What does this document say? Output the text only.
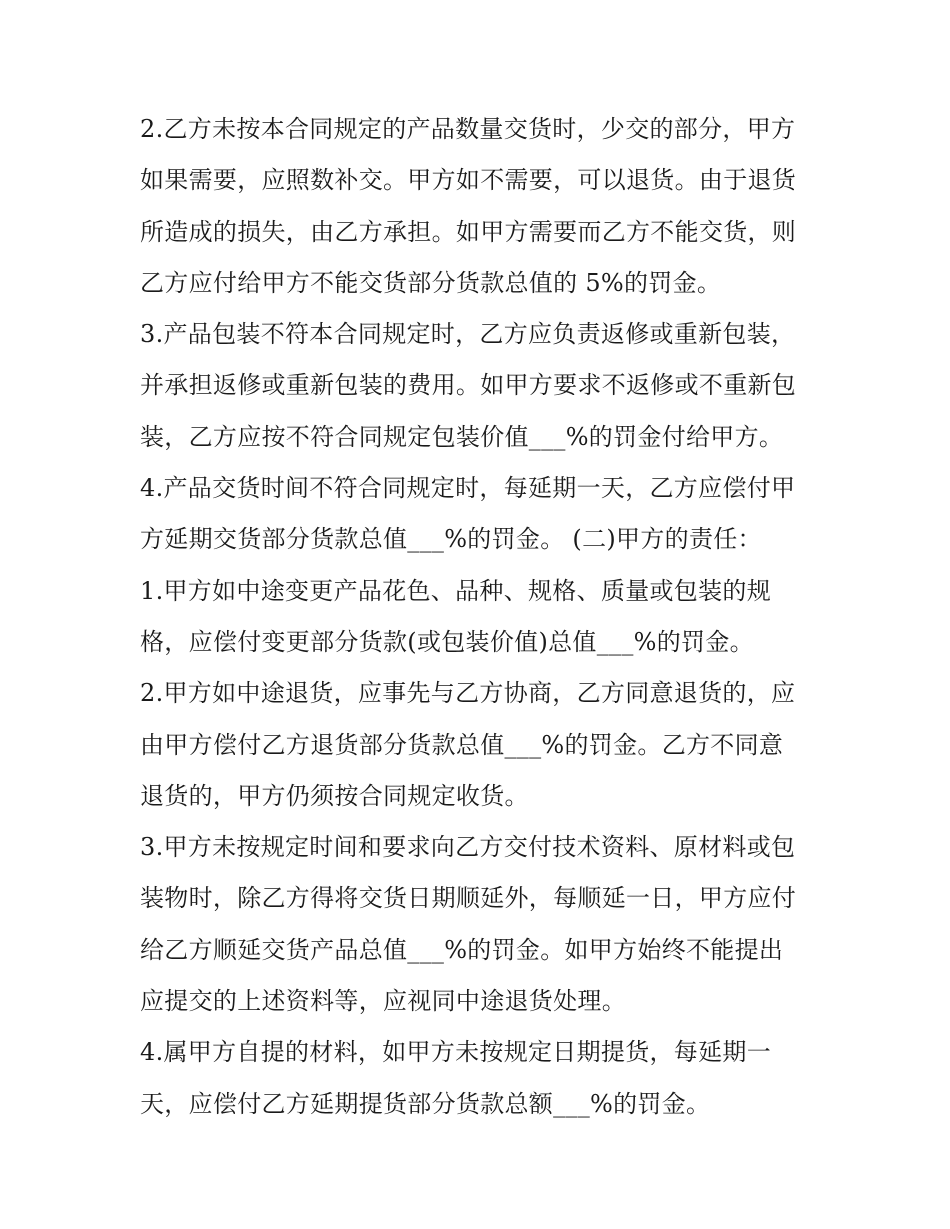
2.乙方未按本合同规定的产品数量交货时，少交的部分，甲方
如果需要，应照数补交。甲方如不需要，可以退货。由于退货
所造成的损失，由乙方承担。如甲方需要而乙方不能交货，则
乙方应付给甲方不能交货部分货款总值的 5%的罚金。
3.产品包装不符本合同规定时，乙方应负责返修或重新包装，
并承担返修或重新包装的费用。如甲方要求不返修或不重新包
装，乙方应按不符合同规定包装价值___%的罚金付给甲方。
4.产品交货时间不符合同规定时，每延期一天，乙方应偿付甲
方延期交货部分货款总值___%的罚金。 (二)甲方的责任：
1.甲方如中途变更产品花色、品种、规格、质量或包装的规
格，应偿付变更部分货款(或包装价值)总值___%的罚金。
2.甲方如中途退货，应事先与乙方协商，乙方同意退货的，应
由甲方偿付乙方退货部分货款总值___%的罚金。乙方不同意
退货的，甲方仍须按合同规定收货。
3.甲方未按规定时间和要求向乙方交付技术资料、原材料或包
装物时，除乙方得将交货日期顺延外，每顺延一日，甲方应付
给乙方顺延交货产品总值___%的罚金。如甲方始终不能提出
应提交的上述资料等，应视同中途退货处理。
4.属甲方自提的材料，如甲方未按规定日期提货，每延期一
天，应偿付乙方延期提货部分货款总额___%的罚金。
